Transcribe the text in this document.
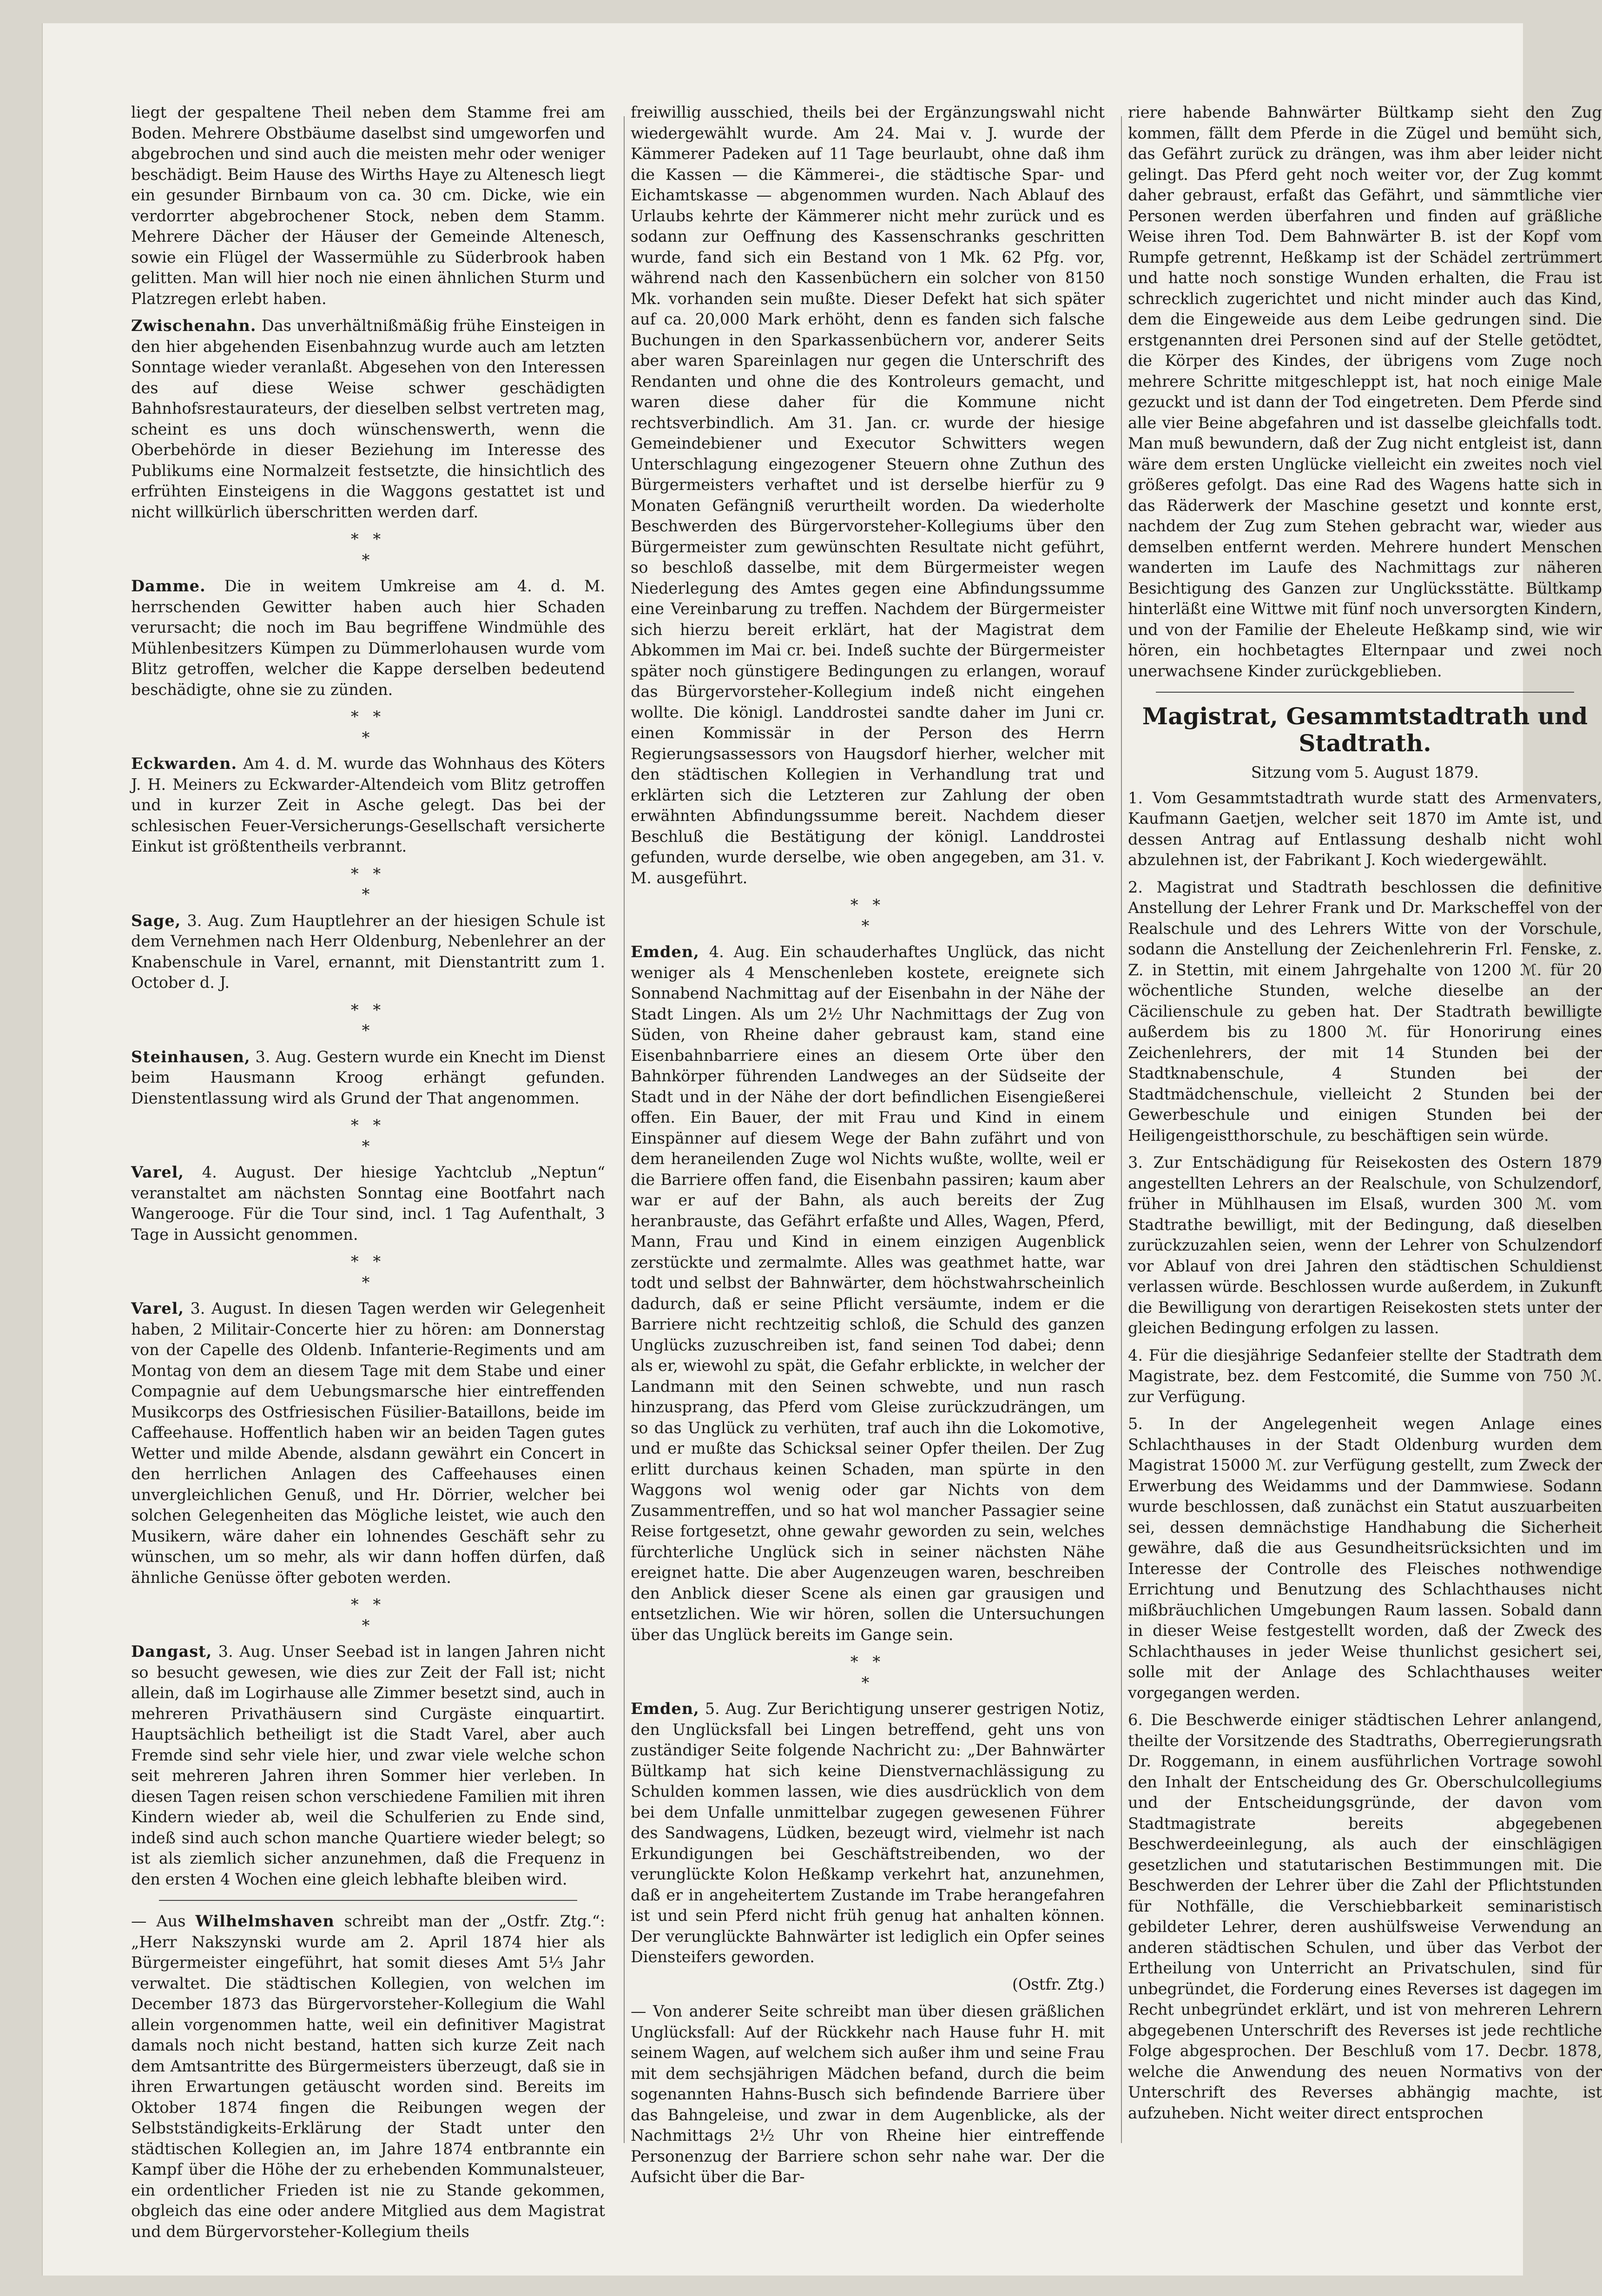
liegt der gespaltene Theil neben dem Stamme frei am Boden. Mehrere Obstbäume daselbst sind umgeworfen und abgebrochen und sind auch die meisten mehr oder weniger beschädigt. Beim Hause des Wirths Haye zu Altenesch liegt ein gesunder Birnbaum von ca. 30 cm. Dicke, wie ein verdorrter abgebrochener Stock, neben dem Stamm. Mehrere Dächer der Häuser der Gemeinde Altenesch, sowie ein Flügel der Wassermühle zu Süderbrook haben gelitten. Man will hier noch nie einen ähnlichen Sturm und Platzregen erlebt haben.

Zwischenahn. Das unverhältnißmäßig frühe Einsteigen in den hier abgehenden Eisenbahnzug wurde auch am letzten Sonntage wieder veranlaßt. Abgesehen von den Interessen des auf diese Weise schwer geschädigten Bahnhofsrestaurateurs, der dieselben selbst vertreten mag, scheint es uns doch wünschenswerth, wenn die Oberbehörde in dieser Beziehung im Interesse des Publikums eine Normalzeit festsetzte, die hinsichtlich des erfrühten Einsteigens in die Waggons gestattet ist und nicht willkürlich überschritten werden darf.

* *
*

Damme. Die in weitem Umkreise am 4. d. M. herrschenden Gewitter haben auch hier Schaden verursacht; die noch im Bau begriffene Windmühle des Mühlenbesitzers Kümpen zu Dümmerlohausen wurde vom Blitz getroffen, welcher die Kappe derselben bedeutend beschädigte, ohne sie zu zünden.

* *
*

Eckwarden. Am 4. d. M. wurde das Wohnhaus des Köters J. H. Meiners zu Eckwarder-Altendeich vom Blitz getroffen und in kurzer Zeit in Asche gelegt. Das bei der schlesischen Feuer-Versicherungs-Gesellschaft versicherte Einkut ist größtentheils verbrannt.

* *
*

Sage, 3. Aug. Zum Hauptlehrer an der hiesigen Schule ist dem Vernehmen nach Herr Oldenburg, Nebenlehrer an der Knabenschule in Varel, ernannt, mit Dienstantritt zum 1. October d. J.

* *
*

Steinhausen, 3. Aug. Gestern wurde ein Knecht im Dienst beim Hausmann Kroog erhängt gefunden. Dienstentlassung wird als Grund der That angenommen.

* *
*

Varel, 4. August. Der hiesige Yachtclub „Neptun“ veranstaltet am nächsten Sonntag eine Bootfahrt nach Wangerooge. Für die Tour sind, incl. 1 Tag Aufenthalt, 3 Tage in Aussicht genommen.

* *
*

Varel, 3. August. In diesen Tagen werden wir Gelegenheit haben, 2 Militair-Concerte hier zu hören: am Donnerstag von der Capelle des Oldenb. Infanterie-Regiments und am Montag von dem an diesem Tage mit dem Stabe und einer Compagnie auf dem Uebungsmarsche hier eintreffenden Musikcorps des Ostfriesischen Füsilier-Bataillons, beide im Caffeehause. Hoffentlich haben wir an beiden Tagen gutes Wetter und milde Abende, alsdann gewährt ein Concert in den herrlichen Anlagen des Caffeehauses einen unvergleichlichen Genuß, und Hr. Dörrier, welcher bei solchen Gelegenheiten das Mögliche leistet, wie auch den Musikern, wäre daher ein lohnendes Geschäft sehr zu wünschen, um so mehr, als wir dann hoffen dürfen, daß ähnliche Genüsse öfter geboten werden.

* *
*

Dangast, 3. Aug. Unser Seebad ist in langen Jahren nicht so besucht gewesen, wie dies zur Zeit der Fall ist; nicht allein, daß im Logirhause alle Zimmer besetzt sind, auch in mehreren Privathäusern sind Curgäste einquartirt. Hauptsächlich betheiligt ist die Stadt Varel, aber auch Fremde sind sehr viele hier, und zwar viele welche schon seit mehreren Jahren ihren Sommer hier verleben. In diesen Tagen reisen schon verschiedene Familien mit ihren Kindern wieder ab, weil die Schulferien zu Ende sind, indeß sind auch schon manche Quartiere wieder belegt; so ist als ziemlich sicher anzunehmen, daß die Frequenz in den ersten 4 Wochen eine gleich lebhafte bleiben wird.

— Aus Wilhelmshaven schreibt man der „Ostfr. Ztg.“: „Herr Nakszynski wurde am 2. April 1874 hier als Bürgermeister eingeführt, hat somit dieses Amt 5⅓ Jahr verwaltet. Die städtischen Kollegien, von welchen im December 1873 das Bürgervorsteher-Kollegium die Wahl allein vorgenommen hatte, weil ein definitiver Magistrat damals noch nicht bestand, hatten sich kurze Zeit nach dem Amtsantritte des Bürgermeisters überzeugt, daß sie in ihren Erwartungen getäuscht worden sind. Bereits im Oktober 1874 fingen die Reibungen wegen der Selbstständigkeits-Erklärung der Stadt unter den städtischen Kollegien an, im Jahre 1874 entbrannte ein Kampf über die Höhe der zu erhebenden Kommunalsteuer, ein ordentlicher Frieden ist nie zu Stande gekommen, obgleich das eine oder andere Mitglied aus dem Magistrat und dem Bürgervorsteher-Kollegium theils

freiwillig ausschied, theils bei der Ergänzungswahl nicht wiedergewählt wurde. Am 24. Mai v. J. wurde der Kämmerer Padeken auf 11 Tage beurlaubt, ohne daß ihm die Kassen — die Kämmerei-, die städtische Spar- und Eichamtskasse — abgenommen wurden. Nach Ablauf des Urlaubs kehrte der Kämmerer nicht mehr zurück und es sodann zur Oeffnung des Kassenschranks geschritten wurde, fand sich ein Bestand von 1 Mk. 62 Pfg. vor, während nach den Kassenbüchern ein solcher von 8150 Mk. vorhanden sein mußte. Dieser Defekt hat sich später auf ca. 20,000 Mark erhöht, denn es fanden sich falsche Buchungen in den Sparkassenbüchern vor, anderer Seits aber waren Spareinlagen nur gegen die Unterschrift des Rendanten und ohne die des Kontroleurs gemacht, und waren diese daher für die Kommune nicht rechtsverbindlich. Am 31. Jan. cr. wurde der hiesige Gemeindebiener und Executor Schwitters wegen Unterschlagung eingezogener Steuern ohne Zuthun des Bürgermeisters verhaftet und ist derselbe hierfür zu 9 Monaten Gefängniß verurtheilt worden. Da wiederholte Beschwerden des Bürgervorsteher-Kollegiums über den Bürgermeister zum gewünschten Resultate nicht geführt, so beschloß dasselbe, mit dem Bürgermeister wegen Niederlegung des Amtes gegen eine Abfindungssumme eine Vereinbarung zu treffen. Nachdem der Bürgermeister sich hierzu bereit erklärt, hat der Magistrat dem Abkommen im Mai cr. bei. Indeß suchte der Bürgermeister später noch günstigere Bedingungen zu erlangen, worauf das Bürgervorsteher-Kollegium indeß nicht eingehen wollte. Die königl. Landdrostei sandte daher im Juni cr. einen Kommissär in der Person des Herrn Regierungsassessors von Haugsdorf hierher, welcher mit den städtischen Kollegien in Verhandlung trat und erklärten sich die Letzteren zur Zahlung der oben erwähnten Abfindungssumme bereit. Nachdem dieser Beschluß die Bestätigung der königl. Landdrostei gefunden, wurde derselbe, wie oben angegeben, am 31. v. M. ausgeführt.

* *
*

Emden, 4. Aug. Ein schauderhaftes Unglück, das nicht weniger als 4 Menschenleben kostete, ereignete sich Sonnabend Nachmittag auf der Eisenbahn in der Nähe der Stadt Lingen. Als um 2½ Uhr Nachmittags der Zug von Süden, von Rheine daher gebraust kam, stand eine Eisenbahnbarriere eines an diesem Orte über den Bahnkörper führenden Landweges an der Südseite der Stadt und in der Nähe der dort befindlichen Eisengießerei offen. Ein Bauer, der mit Frau und Kind in einem Einspänner auf diesem Wege der Bahn zufährt und von dem heraneilenden Zuge wol Nichts wußte, wollte, weil er die Barriere offen fand, die Eisenbahn passiren; kaum aber war er auf der Bahn, als auch bereits der Zug heranbrauste, das Gefährt erfaßte und Alles, Wagen, Pferd, Mann, Frau und Kind in einem einzigen Augenblick zerstückte und zermalmte. Alles was geathmet hatte, war todt und selbst der Bahnwärter, dem höchstwahrscheinlich dadurch, daß er seine Pflicht versäumte, indem er die Barriere nicht rechtzeitig schloß, die Schuld des ganzen Unglücks zuzuschreiben ist, fand seinen Tod dabei; denn als er, wiewohl zu spät, die Gefahr erblickte, in welcher der Landmann mit den Seinen schwebte, und nun rasch hinzusprang, das Pferd vom Gleise zurückzudrängen, um so das Unglück zu verhüten, traf auch ihn die Lokomotive, und er mußte das Schicksal seiner Opfer theilen. Der Zug erlitt durchaus keinen Schaden, man spürte in den Waggons wol wenig oder gar Nichts von dem Zusammentreffen, und so hat wol mancher Passagier seine Reise fortgesetzt, ohne gewahr geworden zu sein, welches fürchterliche Unglück sich in seiner nächsten Nähe ereignet hatte. Die aber Augenzeugen waren, beschreiben den Anblick dieser Scene als einen gar grausigen und entsetzlichen. Wie wir hören, sollen die Untersuchungen über das Unglück bereits im Gange sein.

* *
*

Emden, 5. Aug. Zur Berichtigung unserer gestrigen Notiz, den Unglücksfall bei Lingen betreffend, geht uns von zuständiger Seite folgende Nachricht zu: „Der Bahnwärter Bültkamp hat sich keine Dienstvernachlässigung zu Schulden kommen lassen, wie dies ausdrücklich von dem bei dem Unfalle unmittelbar zugegen gewesenen Führer des Sandwagens, Lüdken, bezeugt wird, vielmehr ist nach Erkundigungen bei Geschäftstreibenden, wo der verunglückte Kolon Heßkamp verkehrt hat, anzunehmen, daß er in angeheitertem Zustande im Trabe herangefahren ist und sein Pferd nicht früh genug hat anhalten können. Der verunglückte Bahnwärter ist lediglich ein Opfer seines Diensteifers geworden.

(Ostfr. Ztg.)

— Von anderer Seite schreibt man über diesen gräßlichen Unglücksfall: Auf der Rückkehr nach Hause fuhr H. mit seinem Wagen, auf welchem sich außer ihm und seine Frau mit dem sechsjährigen Mädchen befand, durch die beim sogenannten Hahns-Busch sich befindende Barriere über das Bahngeleise, und zwar in dem Augenblicke, als der Nachmittags 2½ Uhr von Rheine hier eintreffende Personenzug der Barriere schon sehr nahe war. Der die Aufsicht über die Bar-

riere habende Bahnwärter Bültkamp sieht den Zug kommen, fällt dem Pferde in die Zügel und bemüht sich, das Gefährt zurück zu drängen, was ihm aber leider nicht gelingt. Das Pferd geht noch weiter vor, der Zug kommt daher gebraust, erfaßt das Gefährt, und sämmtliche vier Personen werden überfahren und finden auf gräßliche Weise ihren Tod. Dem Bahnwärter B. ist der Kopf vom Rumpfe getrennt, Heßkamp ist der Schädel zertrümmert und hatte noch sonstige Wunden erhalten, die Frau ist schrecklich zugerichtet und nicht minder auch das Kind, dem die Eingeweide aus dem Leibe gedrungen sind. Die erstgenannten drei Personen sind auf der Stelle getödtet, die Körper des Kindes, der übrigens vom Zuge noch mehrere Schritte mitgeschleppt ist, hat noch einige Male gezuckt und ist dann der Tod eingetreten. Dem Pferde sind alle vier Beine abgefahren und ist dasselbe gleichfalls todt. Man muß bewundern, daß der Zug nicht entgleist ist, dann wäre dem ersten Unglücke vielleicht ein zweites noch viel größeres gefolgt. Das eine Rad des Wagens hatte sich in das Räderwerk der Maschine gesetzt und konnte erst, nachdem der Zug zum Stehen gebracht war, wieder aus demselben entfernt werden. Mehrere hundert Menschen wanderten im Laufe des Nachmittags zur näheren Besichtigung des Ganzen zur Unglücksstätte. Bültkamp hinterläßt eine Wittwe mit fünf noch unversorgten Kindern, und von der Familie der Eheleute Heßkamp sind, wie wir hören, ein hochbetagtes Elternpaar und zwei noch unerwachsene Kinder zurückgeblieben.

Magistrat, Gesammtstadtrath und Stadtrath.
Sitzung vom 5. August 1879.

1. Vom Gesammtstadtrath wurde statt des Armenvaters, Kaufmann Gaetjen, welcher seit 1870 im Amte ist, und dessen Antrag auf Entlassung deshalb nicht wohl abzulehnen ist, der Fabrikant J. Koch wiedergewählt.

2. Magistrat und Stadtrath beschlossen die definitive Anstellung der Lehrer Frank und Dr. Markscheffel von der Realschule und des Lehrers Witte von der Vorschule, sodann die Anstellung der Zeichenlehrerin Frl. Fenske, z. Z. in Stettin, mit einem Jahrgehalte von 1200 ℳ. für 20 wöchentliche Stunden, welche dieselbe an der Cäcilienschule zu geben hat. Der Stadtrath bewilligte außerdem bis zu 1800 ℳ. für Honorirung eines Zeichenlehrers, der mit 14 Stunden bei der Stadtknabenschule, 4 Stunden bei der Stadtmädchenschule, vielleicht 2 Stunden bei der Gewerbeschule und einigen Stunden bei der Heiligengeistthorschule, zu beschäftigen sein würde.

3. Zur Entschädigung für Reisekosten des Ostern 1879 angestellten Lehrers an der Realschule, von Schulzendorf, früher in Mühlhausen im Elsaß, wurden 300 ℳ. vom Stadtrathe bewilligt, mit der Bedingung, daß dieselben zurückzuzahlen seien, wenn der Lehrer von Schulzendorf vor Ablauf von drei Jahren den städtischen Schuldienst verlassen würde. Beschlossen wurde außerdem, in Zukunft die Bewilligung von derartigen Reisekosten stets unter der gleichen Bedingung erfolgen zu lassen.

4. Für die diesjährige Sedanfeier stellte der Stadtrath dem Magistrate, bez. dem Festcomité, die Summe von 750 ℳ. zur Verfügung.

5. In der Angelegenheit wegen Anlage eines Schlachthauses in der Stadt Oldenburg wurden dem Magistrat 15000 ℳ. zur Verfügung gestellt, zum Zweck der Erwerbung des Weidamms und der Dammwiese. Sodann wurde beschlossen, daß zunächst ein Statut auszuarbeiten sei, dessen demnächstige Handhabung die Sicherheit gewähre, daß die aus Gesundheitsrücksichten und im Interesse der Controlle des Fleisches nothwendige Errichtung und Benutzung des Schlachthauses nicht mißbräuchlichen Umgebungen Raum lassen. Sobald dann in dieser Weise festgestellt worden, daß der Zweck des Schlachthauses in jeder Weise thunlichst gesichert sei, solle mit der Anlage des Schlachthauses weiter vorgegangen werden.

6. Die Beschwerde einiger städtischen Lehrer anlangend, theilte der Vorsitzende des Stadtraths, Oberregierungsrath Dr. Roggemann, in einem ausführlichen Vortrage sowohl den Inhalt der Entscheidung des Gr. Oberschulcollegiums und der Entscheidungsgründe, der davon vom Stadtmagistrate bereits abgegebenen Beschwerdeeinlegung, als auch der einschlägigen gesetzlichen und statutarischen Bestimmungen mit. Die Beschwerden der Lehrer über die Zahl der Pflichtstunden für Nothfälle, die Verschiebbarkeit seminaristisch gebildeter Lehrer, deren aushülfsweise Verwendung an anderen städtischen Schulen, und über das Verbot der Ertheilung von Unterricht an Privatschulen, sind für unbegründet, die Forderung eines Reverses ist dagegen im Recht unbegründet erklärt, und ist von mehreren Lehrern abgegebenen Unterschrift des Reverses ist jede rechtliche Folge abgesprochen. Der Beschluß vom 17. Decbr. 1878, welche die Anwendung des neuen Normativs von der Unterschrift des Reverses abhängig machte, ist aufzuheben. Nicht weiter direct entsprochen
